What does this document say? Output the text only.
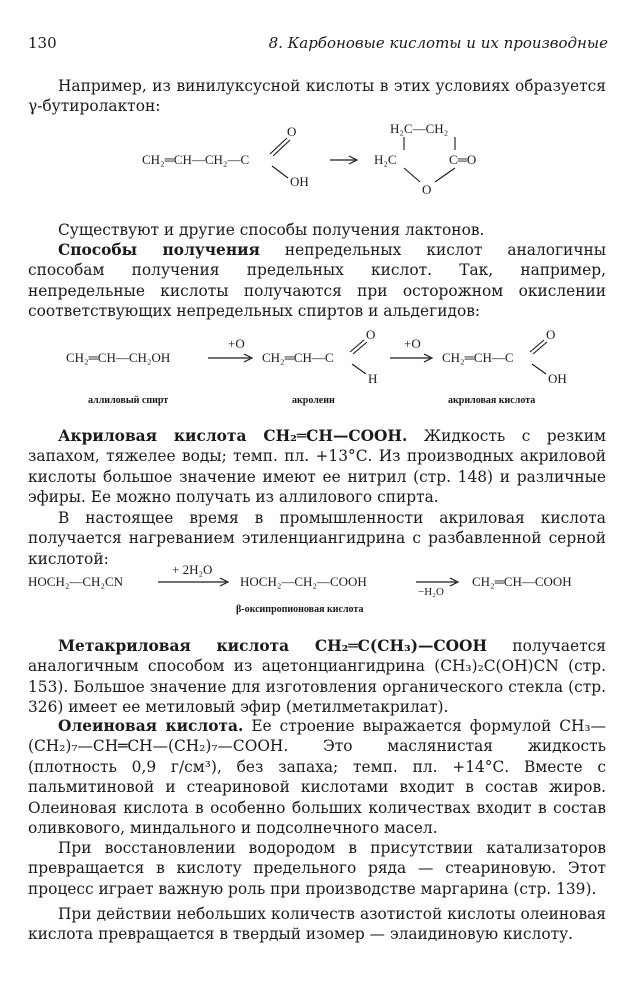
130	8. Карбоновые кислоты и их производные

Например, из винилуксусной кислоты в этих условиях образуется γ-бутиролактон:

CH₂═CH—CH₂—C
O
OH
H₂C—CH₂
H₂C	C═O
O

Существуют и другие способы получения лактонов.

Способы получения непредельных кислот аналогичны способам получения предельных кислот. Так, например, непредельные кислоты получаются при осторожном окислении соответствующих непредельных спиртов и альдегидов:

CH₂═CH—CH₂OH
+O
CH₂═CH—C
O
H
+O
CH₂═CH—C
O
OH
аллиловый спирт	акролеин	акриловая кислота

Акриловая кислота CH₂═CH—COOH. Жидкость с резким запахом, тяжелее воды; темп. пл. +13°С. Из производных акриловой кислоты большое значение имеют ее нитрил (стр. 148) и различные эфиры. Ее можно получать из аллилового спирта.

В настоящее время в промышленности акриловая кислота получается нагреванием этиленциангидрина с разбавленной серной кислотой:

HOCH₂—CH₂CN
+ 2H₂O
HOCH₂—CH₂—COOH
−H₂O
CH₂═CH—COOH
β-оксипропионовая кислота

Метакриловая кислота CH₂═C(CH₃)—COOH получается аналогичным способом из ацетонциангидрина (CH₃)₂C(OH)CN (стр. 153). Большое значение для изготовления органического стекла (стр. 326) имеет ее метиловый эфир (метилметакрилат).

Олеиновая кислота. Ее строение выражается формулой CH₃—(CH₂)₇—CH═CH—(CH₂)₇—COOH. Это маслянистая жидкость (плотность 0,9 г/см³), без запаха; темп. пл. +14°С. Вместе с пальмитиновой и стеариновой кислотами входит в состав жиров. Олеиновая кислота в особенно больших количествах входит в состав оливкового, миндального и подсолнечного масел.

При восстановлении водородом в присутствии катализаторов превращается в кислоту предельного ряда — стеариновую. Этот процесс играет важную роль при производстве маргарина (стр. 139).

При действии небольших количеств азотистой кислоты олеиновая кислота превращается в твердый изомер — элаидиновую кислоту.
